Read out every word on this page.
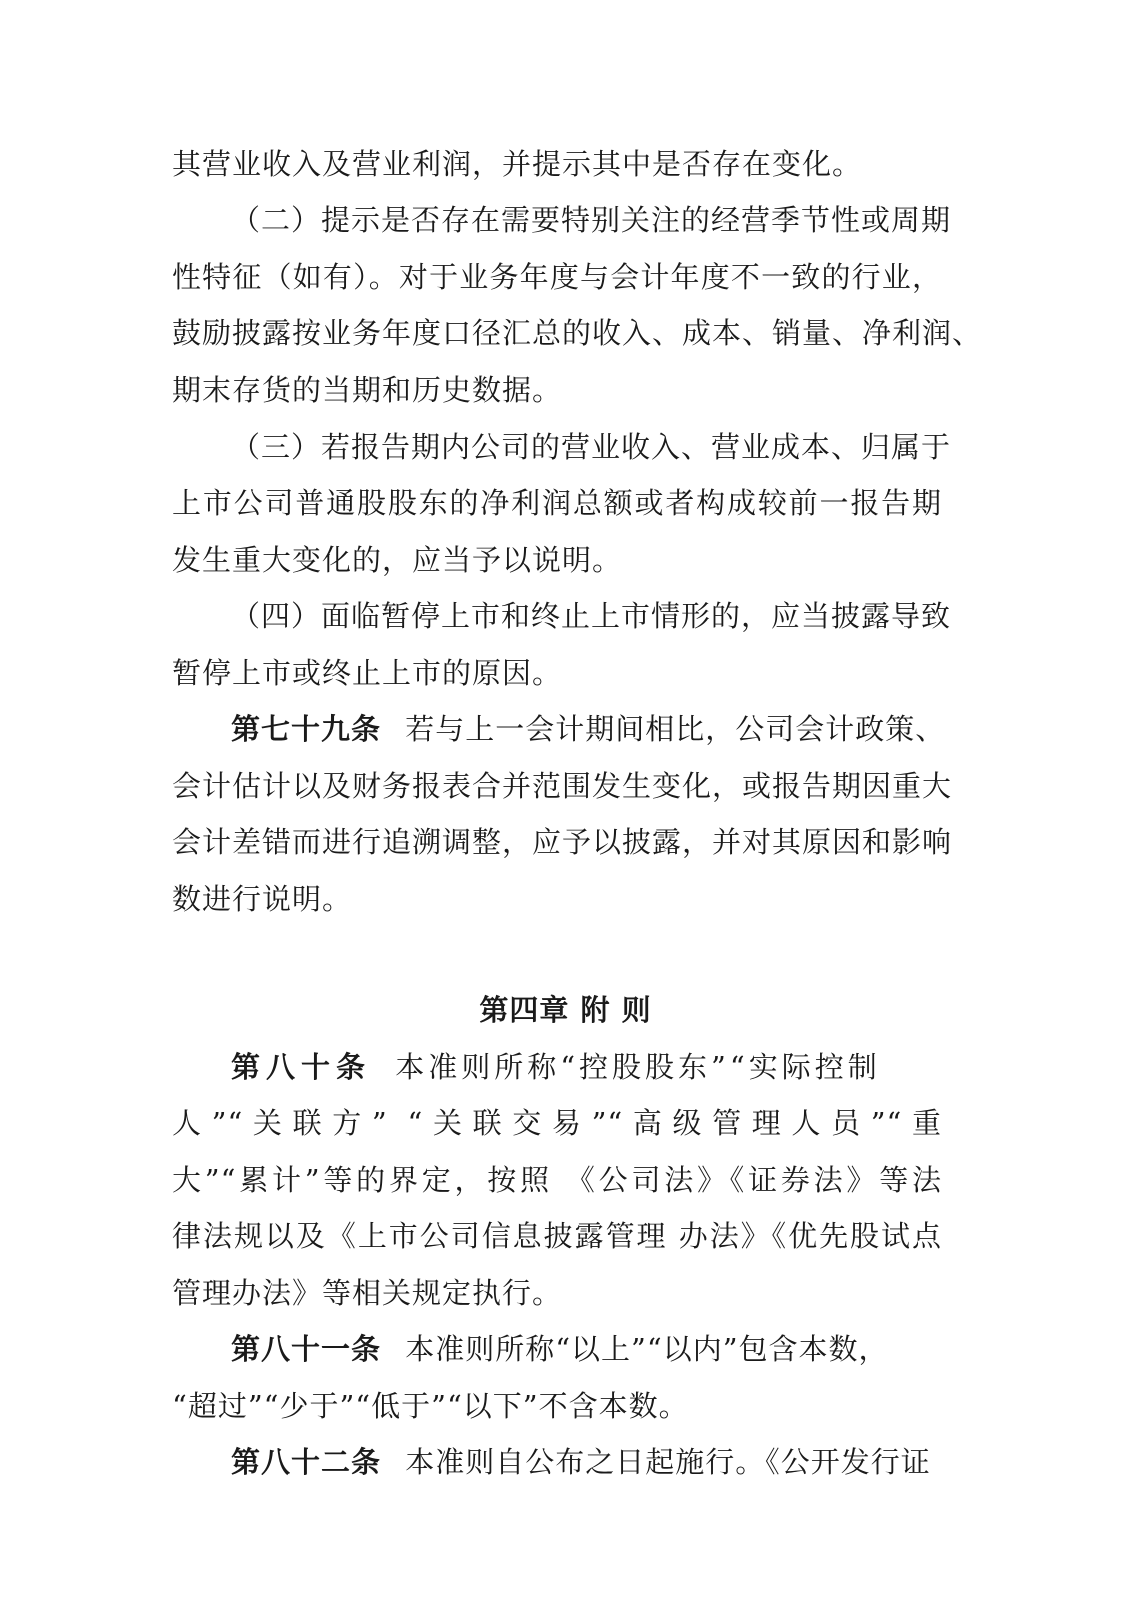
其营业收入及营业利润，并提示其中是否存在变化。
（二）提示是否存在需要特别关注的经营季节性或周期
性特征（如有）。对于业务年度与会计年度不一致的行业，
鼓励披露按业务年度口径汇总的收入、成本、销量、净利润、
期末存货的当期和历史数据。
（三）若报告期内公司的营业收入、营业成本、归属于
上市公司普通股股东的净利润总额或者构成较前一报告期
发生重大变化的，应当予以说明。
（四）面临暂停上市和终止上市情形的，应当披露导致
暂停上市或终止上市的原因。
第七十九条 若与上一会计期间相比，公司会计政策、
会计估计以及财务报表合并范围发生变化，或报告期因重大
会计差错而进行追溯调整，应予以披露，并对其原因和影响
数进行说明。
第四章 附 则
第八十条 本准则所称“控股股东”“实际控制
人”“关联方” “关联交易”“高级管理人员”“重
大”“累计”等的界定，按照 《公司法》《证券法》等法
律法规以及《上市公司信息披露管理 办法》《优先股试点
管理办法》等相关规定执行。
第八十一条 本准则所称“以上”“以内”包含本数，
“超过”“少于”“低于”“以下”不含本数。
第八十二条 本准则自公布之日起施行。《公开发行证
